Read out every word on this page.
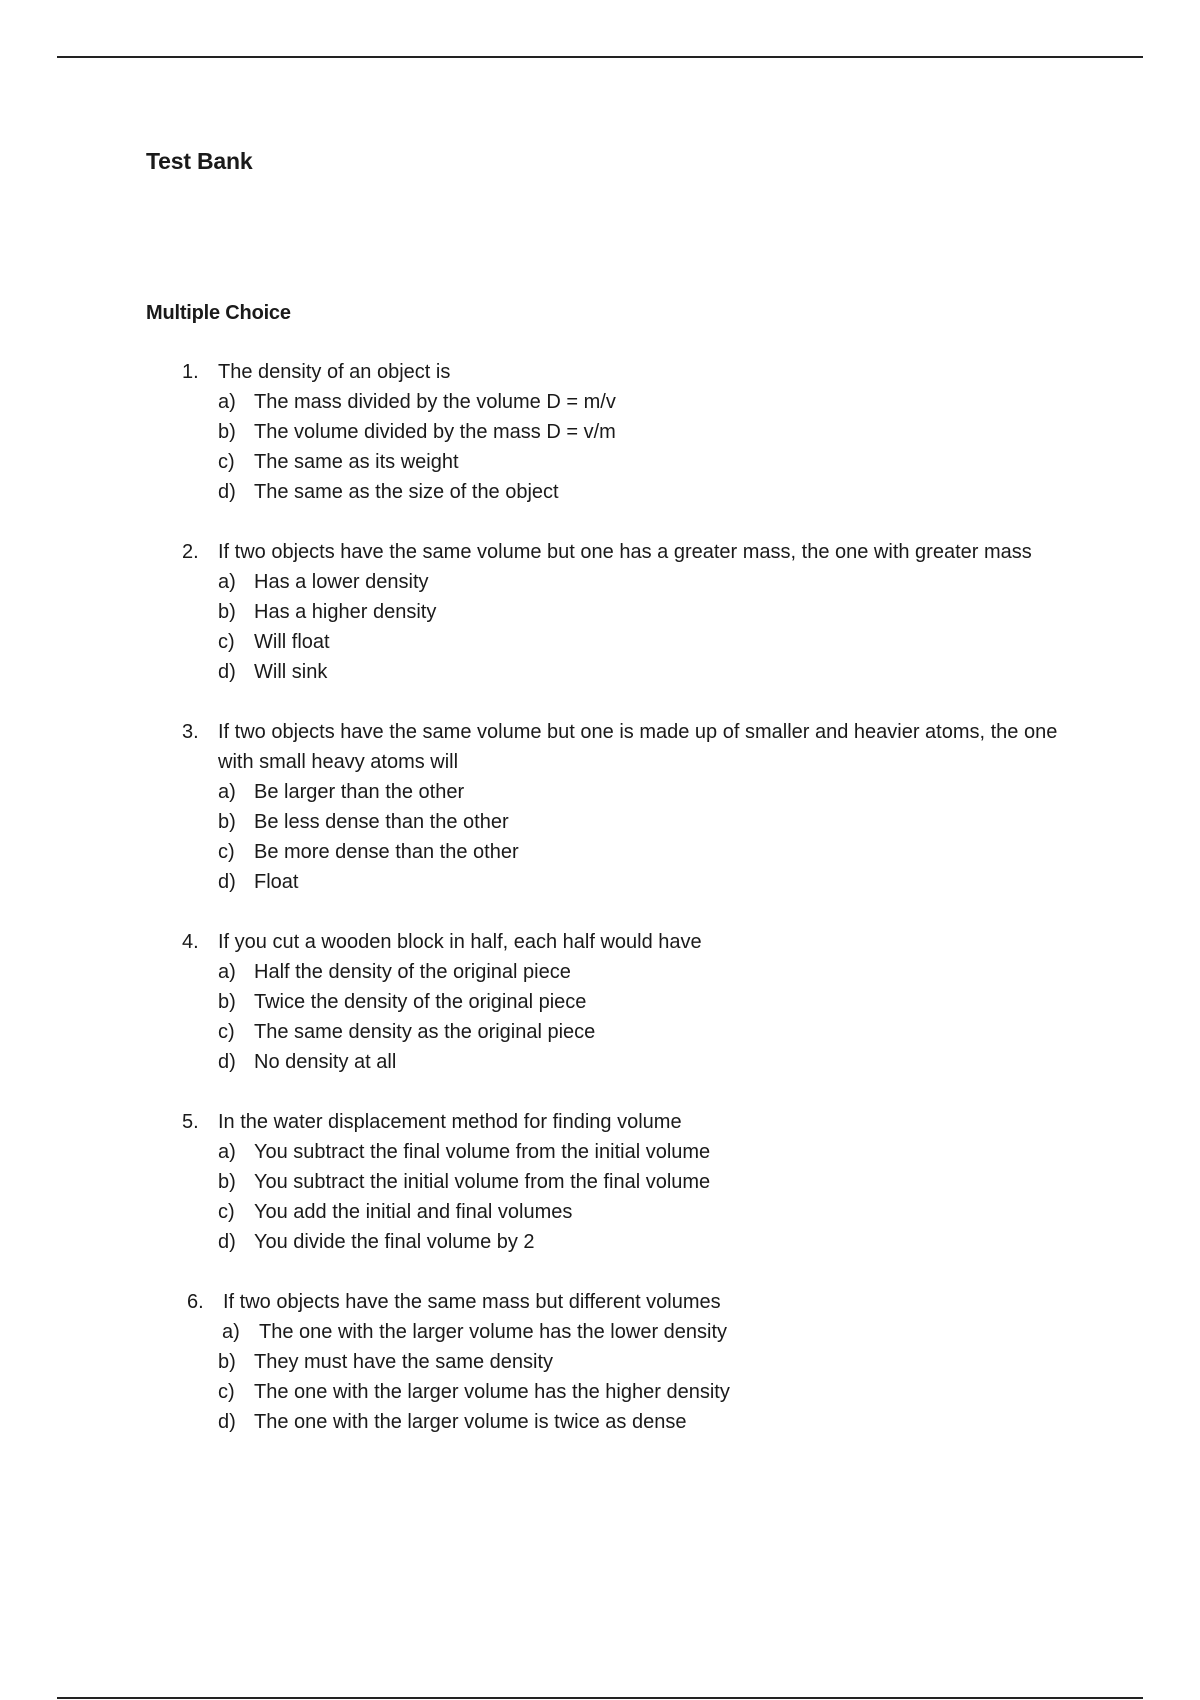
Test Bank
Multiple Choice
1. The density of an object is
a) The mass divided by the volume D = m/v
b) The volume divided by the mass D = v/m
c) The same as its weight
d) The same as the size of the object
2. If two objects have the same volume but one has a greater mass, the one with greater mass
a) Has a lower density
b) Has a higher density
c) Will float
d) Will sink
3. If two objects have the same volume but one is made up of smaller and heavier atoms, the one with small heavy atoms will
a) Be larger than the other
b) Be less dense than the other
c) Be more dense than the other
d) Float
4. If you cut a wooden block in half, each half would have
a) Half the density of the original piece
b) Twice the density of the original piece
c) The same density as the original piece
d) No density at all
5. In the water displacement method for finding volume
a) You subtract the final volume from the initial volume
b) You subtract the initial volume from the final volume
c) You add the initial and final volumes
d) You divide the final volume by 2
6. If two objects have the same mass but different volumes
a) The one with the larger volume has the lower density
b) They must have the same density
c) The one with the larger volume has the higher density
d) The one with the larger volume is twice as dense
